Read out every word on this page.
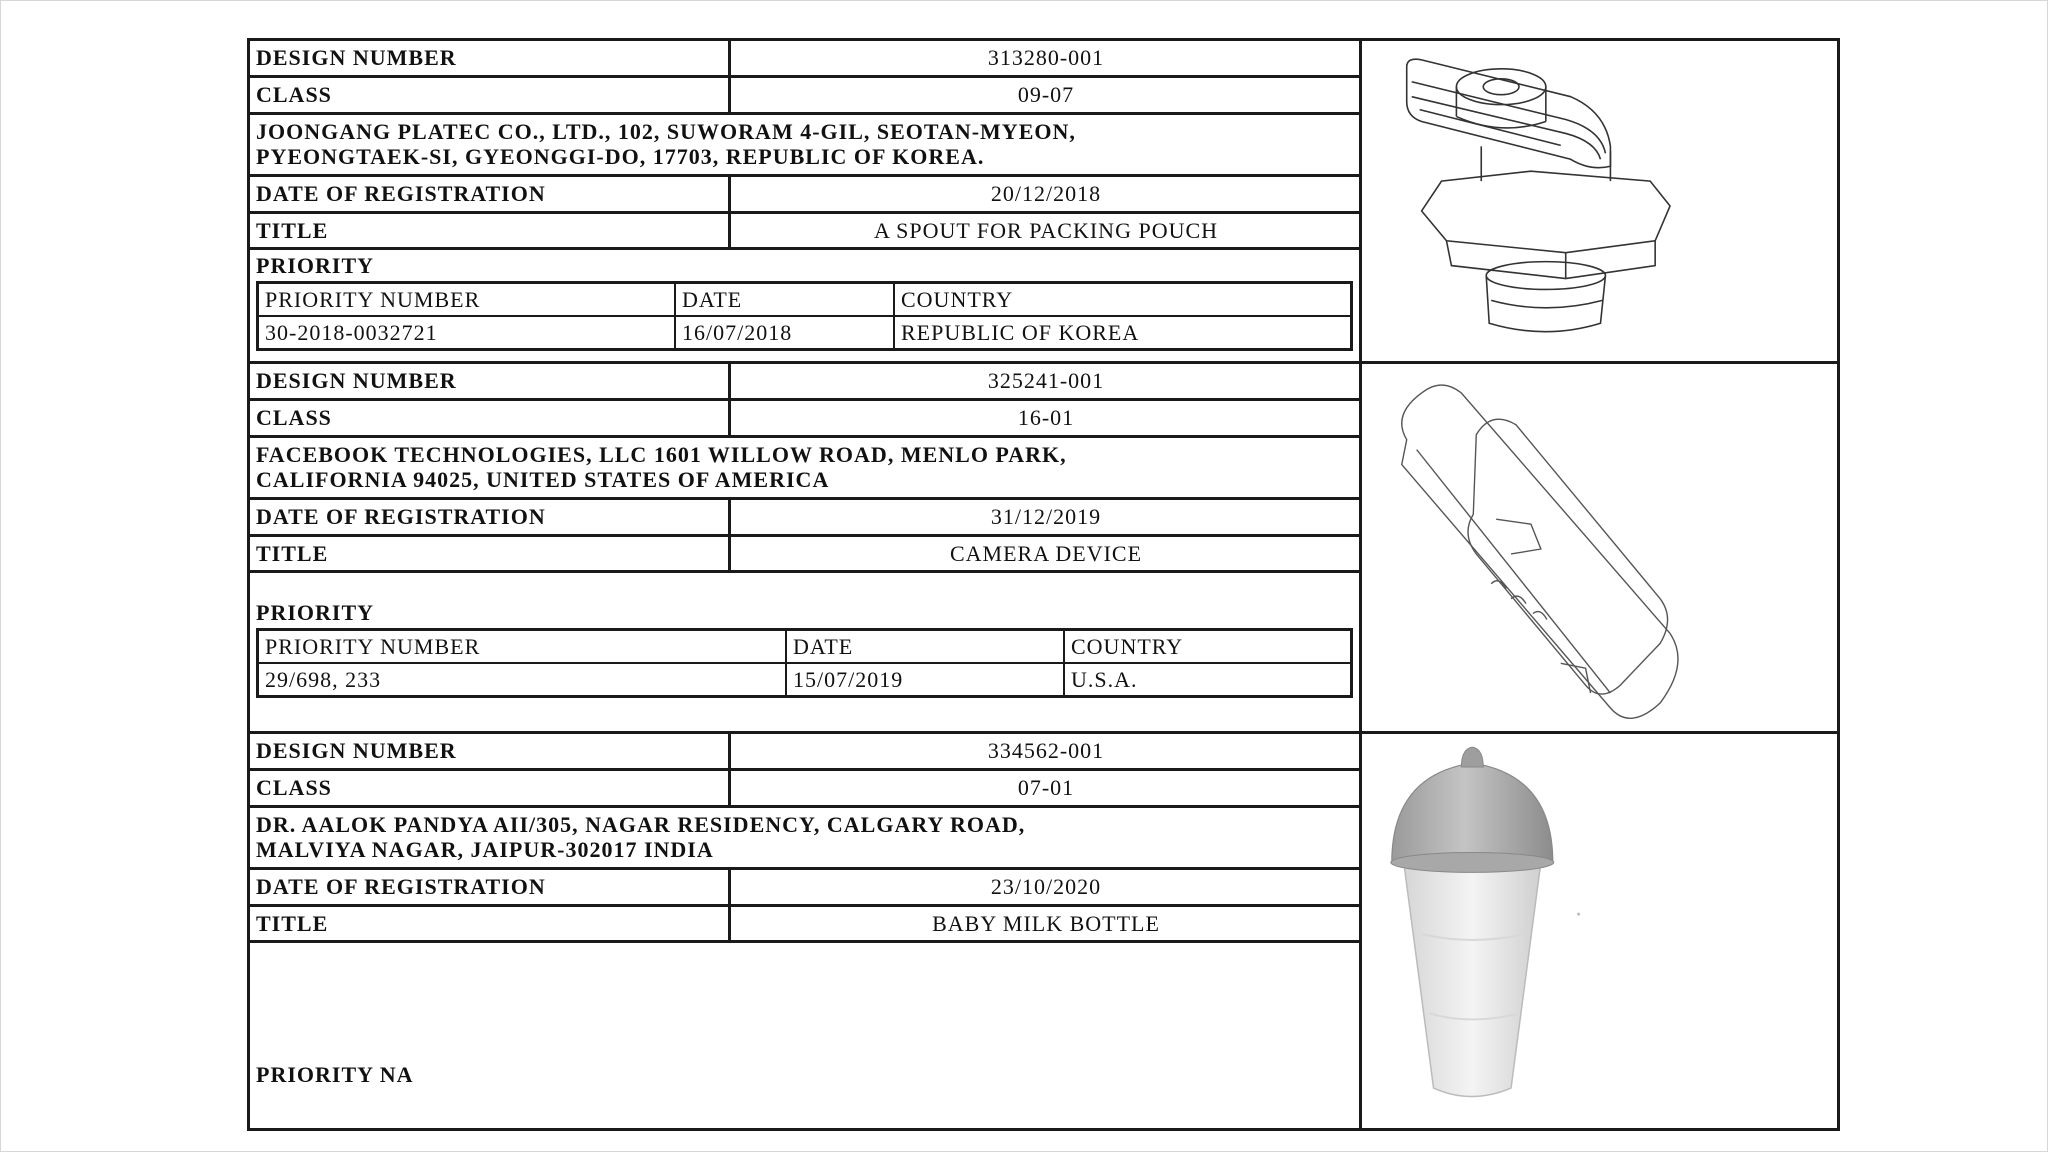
DESIGN NUMBER	313280-001
CLASS	09-07
JOONGANG PLATEC CO., LTD., 102, SUWORAM 4-GIL, SEOTAN-MYEON,
PYEONGTAEK-SI, GYEONGGI-DO, 17703, REPUBLIC OF KOREA.
DATE OF REGISTRATION	20/12/2018
TITLE	A SPOUT FOR PACKING POUCH
PRIORITY
PRIORITY NUMBER	DATE	COUNTRY
30-2018-0032721	16/07/2018	REPUBLIC OF KOREA
DESIGN NUMBER	325241-001
CLASS	16-01
FACEBOOK TECHNOLOGIES, LLC 1601 WILLOW ROAD, MENLO PARK,
CALIFORNIA 94025, UNITED STATES OF AMERICA
DATE OF REGISTRATION	31/12/2019
TITLE	CAMERA DEVICE
PRIORITY
PRIORITY NUMBER	DATE	COUNTRY
29/698, 233	15/07/2019	U.S.A.
DESIGN NUMBER	334562-001
CLASS	07-01
DR. AALOK PANDYA AII/305, NAGAR RESIDENCY, CALGARY ROAD,
MALVIYA NAGAR, JAIPUR-302017 INDIA
DATE OF REGISTRATION	23/10/2020
TITLE	BABY MILK BOTTLE
PRIORITY NA
